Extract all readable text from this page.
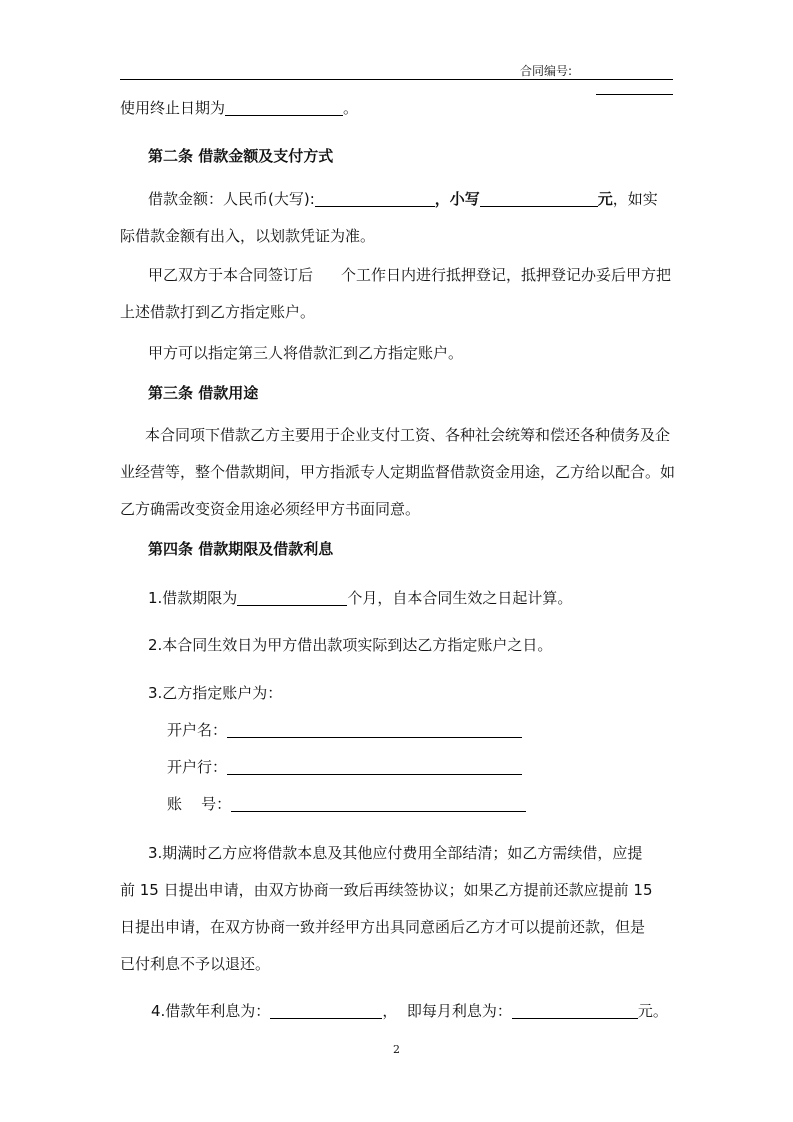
合同编号:
使用终止日期为	。
第二条 借款金额及支付方式
借款金额：人民币(大写):	，小写	元，如实
际借款金额有出入，以划款凭证为准。
甲乙双方于本合同签订后 个工作日内进行抵押登记，抵押登记办妥后甲方把
上述借款打到乙方指定账户。
甲方可以指定第三人将借款汇到乙方指定账户。
第三条 借款用途
本合同项下借款乙方主要用于企业支付工资、各种社会统筹和偿还各种债务及企
业经营等，整个借款期间，甲方指派专人定期监督借款资金用途，乙方给以配合。如
乙方确需改变资金用途必须经甲方书面同意。
第四条 借款期限及借款利息
1.借款期限为	个月，自本合同生效之日起计算。
2.本合同生效日为甲方借出款项实际到达乙方指定账户之日。
3.乙方指定账户为：
开户名：
开户行：
账    号：
3.期满时乙方应将借款本息及其他应付费用全部结清；如乙方需续借，应提
前 15 日提出申请，由双方协商一致后再续签协议；如果乙方提前还款应提前 15
日提出申请，在双方协商一致并经甲方出具同意函后乙方才可以提前还款，但是
已付利息不予以退还。
4.借款年利息为：	，  即每月利息为：	元。
2
